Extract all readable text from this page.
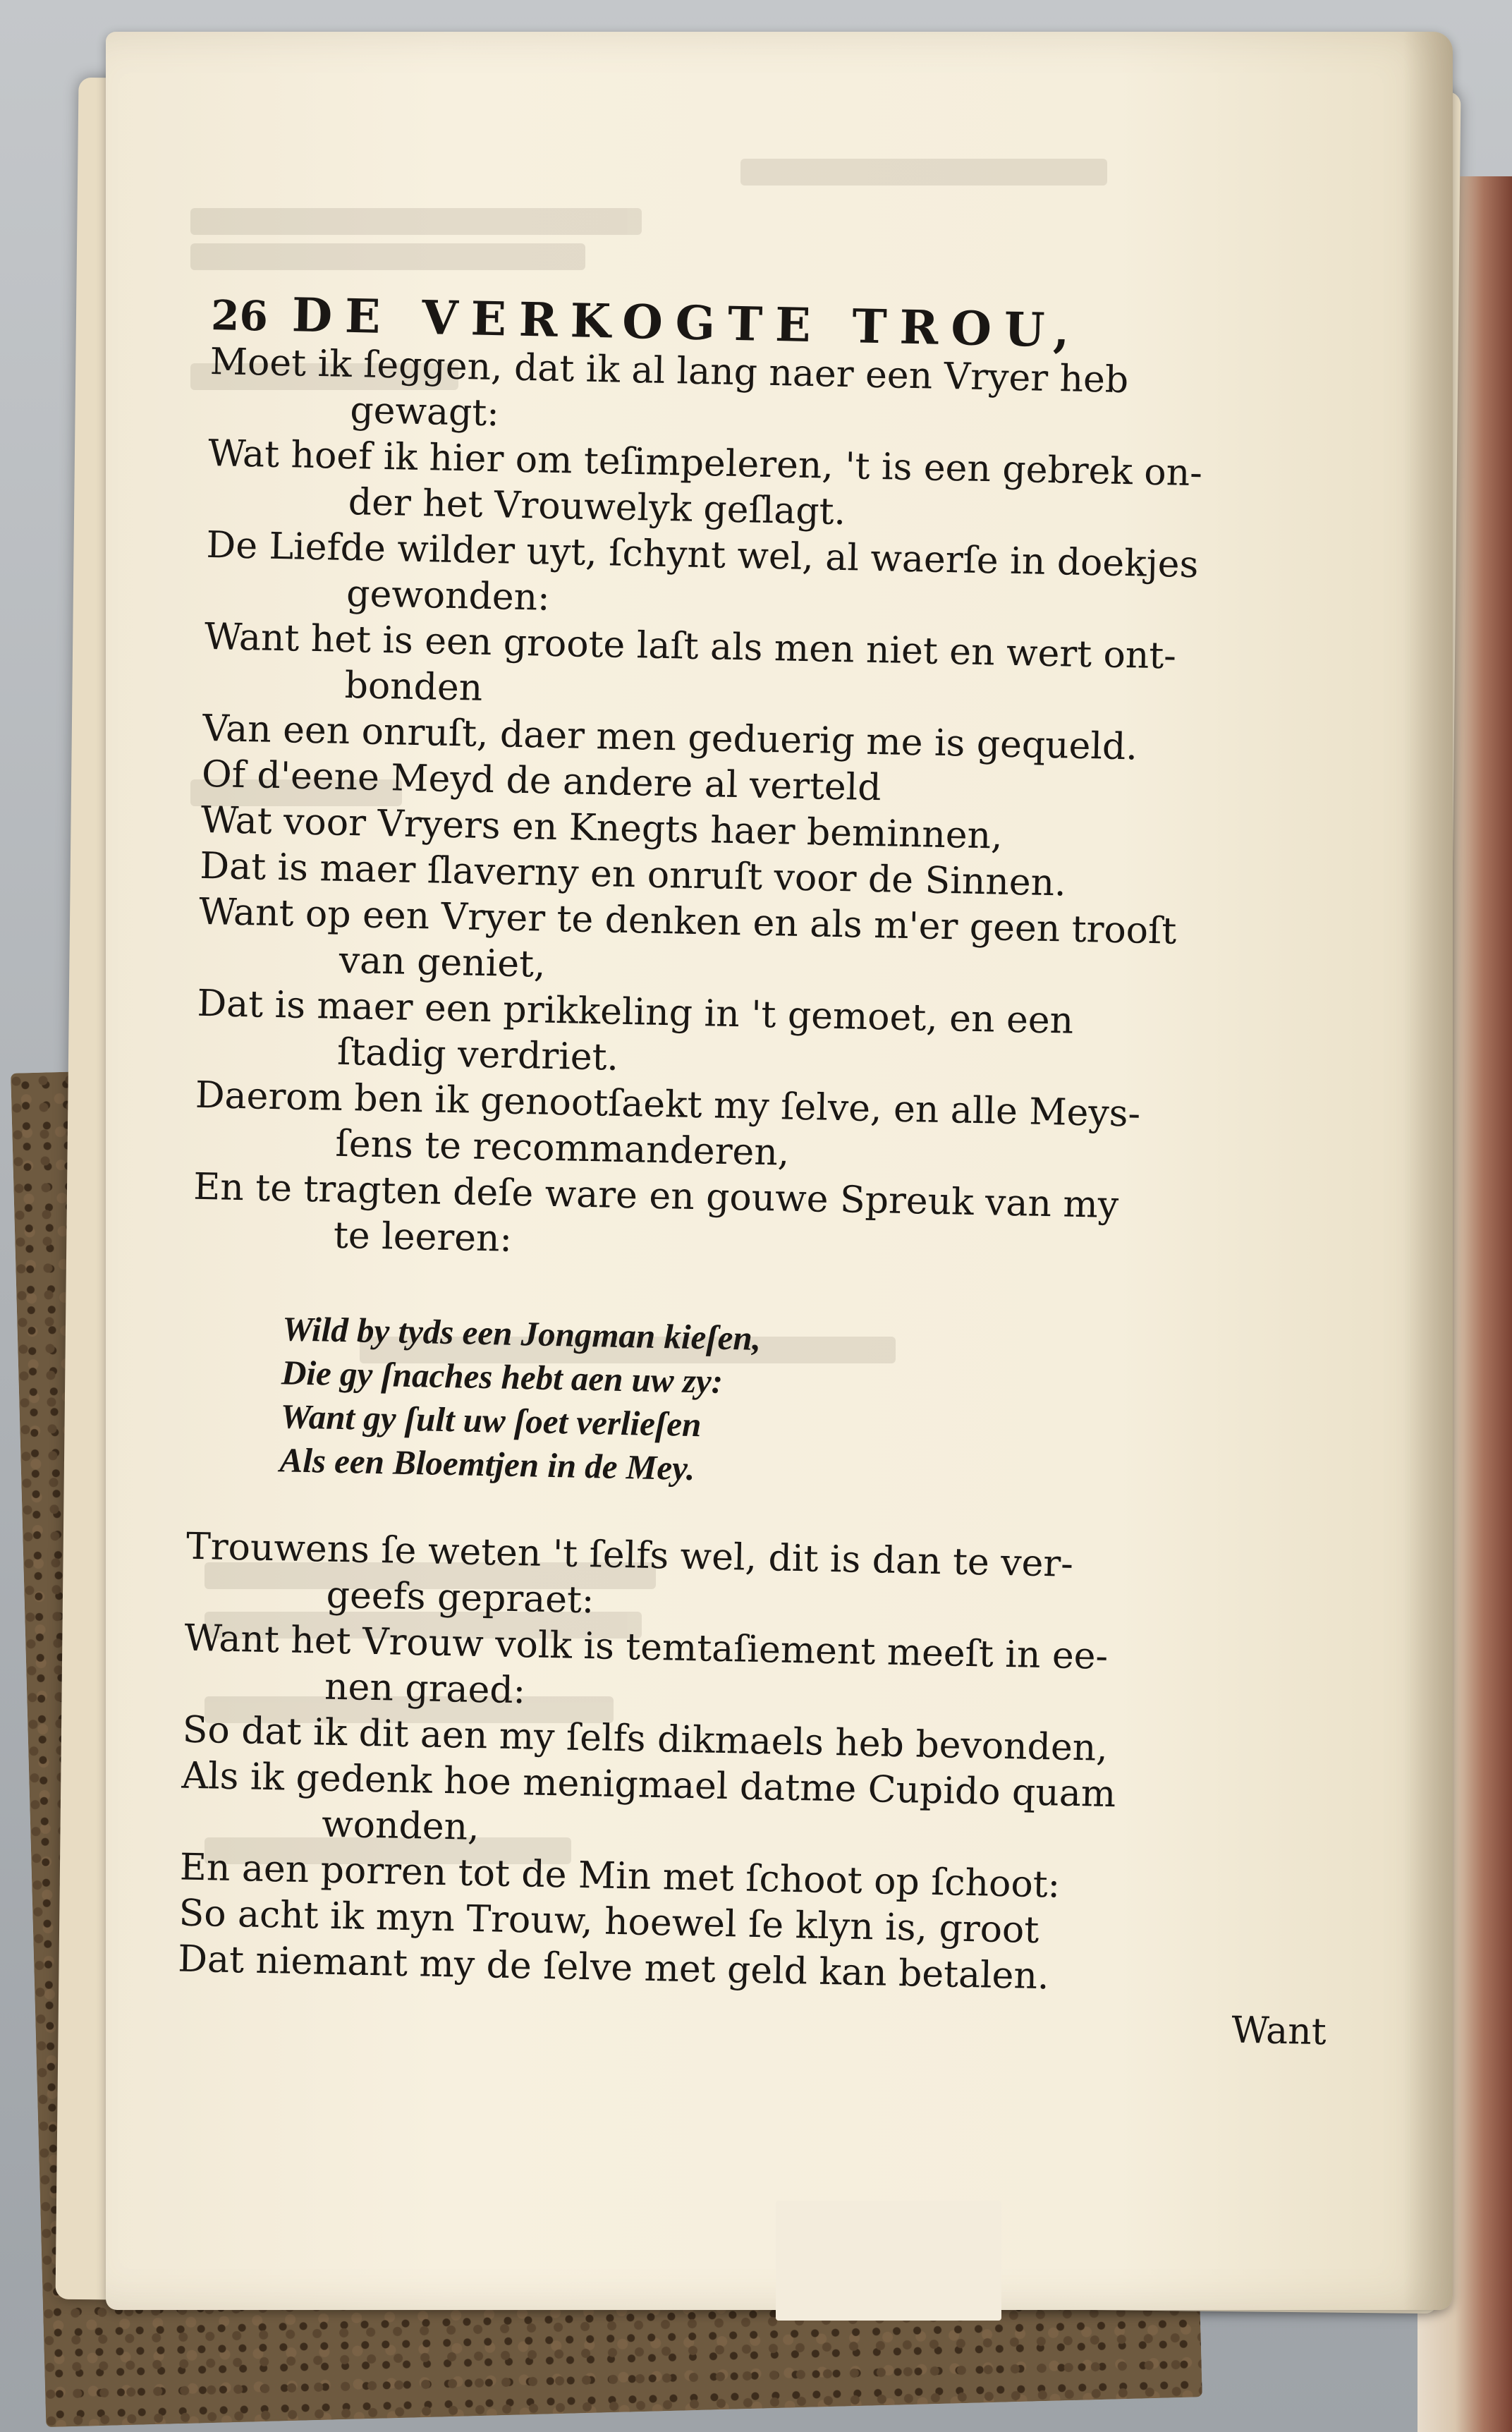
26 DE VERKOGTE TROU,
Moet ik ſeggen, dat ik al lang naer een Vryer heb
gewagt:
Wat hoef ik hier om teſimpeleren, 't is een gebrek on-
der het Vrouwelyk geſlagt.
De Liefde wilder uyt, ſchynt wel, al waerſe in doekjes
gewonden:
Want het is een groote laſt als men niet en wert ont-
bonden
Van een onruſt, daer men geduerig me is gequeld.
Of d'eene Meyd de andere al verteld
Wat voor Vryers en Knegts haer beminnen,
Dat is maer ſlaverny en onruſt voor de Sinnen.
Want op een Vryer te denken en als m'er geen trooſt
van geniet,
Dat is maer een prikkeling in 't gemoet, en een
ſtadig verdriet.
Daerom ben ik genootſaekt my ſelve, en alle Meys-
ſens te recommanderen,
En te tragten deſe ware en gouwe Spreuk van my
te leeren:
Wild by tyds een Jongman kieſen,
Die gy ſnaches hebt aen uw zy:
Want gy ſult uw ſoet verlieſen
Als een Bloemtjen in de Mey.
Trouwens ſe weten 't ſelfs wel, dit is dan te ver-
geefs gepraet:
Want het Vrouw volk is temtaſiement meeſt in ee-
nen graed:
So dat ik dit aen my ſelfs dikmaels heb bevonden,
Als ik gedenk hoe menigmael datme Cupido quam
wonden,
En aen porren tot de Min met ſchoot op ſchoot:
So acht ik myn Trouw, hoewel ſe klyn is, groot
Dat niemant my de ſelve met geld kan betalen.
Want
